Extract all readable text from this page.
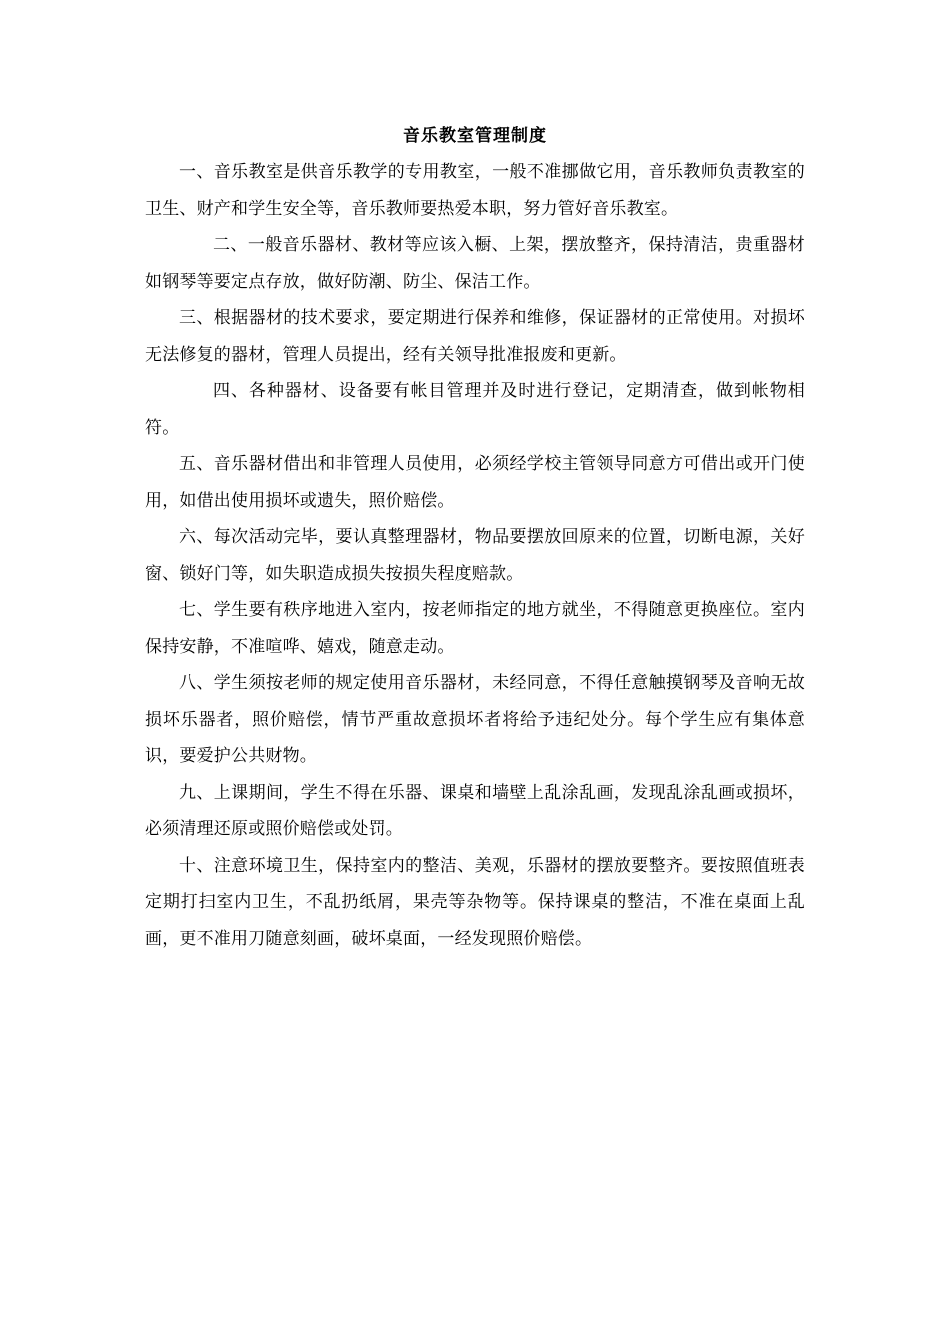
音乐教室管理制度

一、音乐教室是供音乐教学的专用教室，一般不准挪做它用，音乐教师负责教室的卫生、财产和学生安全等，音乐教师要热爱本职，努力管好音乐教室。

二、一般音乐器材、教材等应该入橱、上架，摆放整齐，保持清洁，贵重器材如钢琴等要定点存放，做好防潮、防尘、保洁工作。

三、根据器材的技术要求，要定期进行保养和维修，保证器材的正常使用。对损坏无法修复的器材，管理人员提出，经有关领导批准报废和更新。

四、各种器材、设备要有帐目管理并及时进行登记，定期清查，做到帐物相符。

五、音乐器材借出和非管理人员使用，必须经学校主管领导同意方可借出或开门使用，如借出使用损坏或遗失，照价赔偿。

六、每次活动完毕，要认真整理器材，物品要摆放回原来的位置，切断电源，关好窗、锁好门等，如失职造成损失按损失程度赔款。

七、学生要有秩序地进入室内，按老师指定的地方就坐，不得随意更换座位。室内保持安静，不准喧哗、嬉戏，随意走动。

八、学生须按老师的规定使用音乐器材，未经同意，不得任意触摸钢琴及音响无故损坏乐器者，照价赔偿，情节严重故意损坏者将给予违纪处分。每个学生应有集体意识，要爱护公共财物。

九、上课期间，学生不得在乐器、课桌和墙壁上乱涂乱画，发现乱涂乱画或损坏，必须清理还原或照价赔偿或处罚。

十、注意环境卫生，保持室内的整洁、美观，乐器材的摆放要整齐。要按照值班表定期打扫室内卫生，不乱扔纸屑，果壳等杂物等。保持课桌的整洁，不准在桌面上乱画，更不准用刀随意刻画，破坏桌面，一经发现照价赔偿。
